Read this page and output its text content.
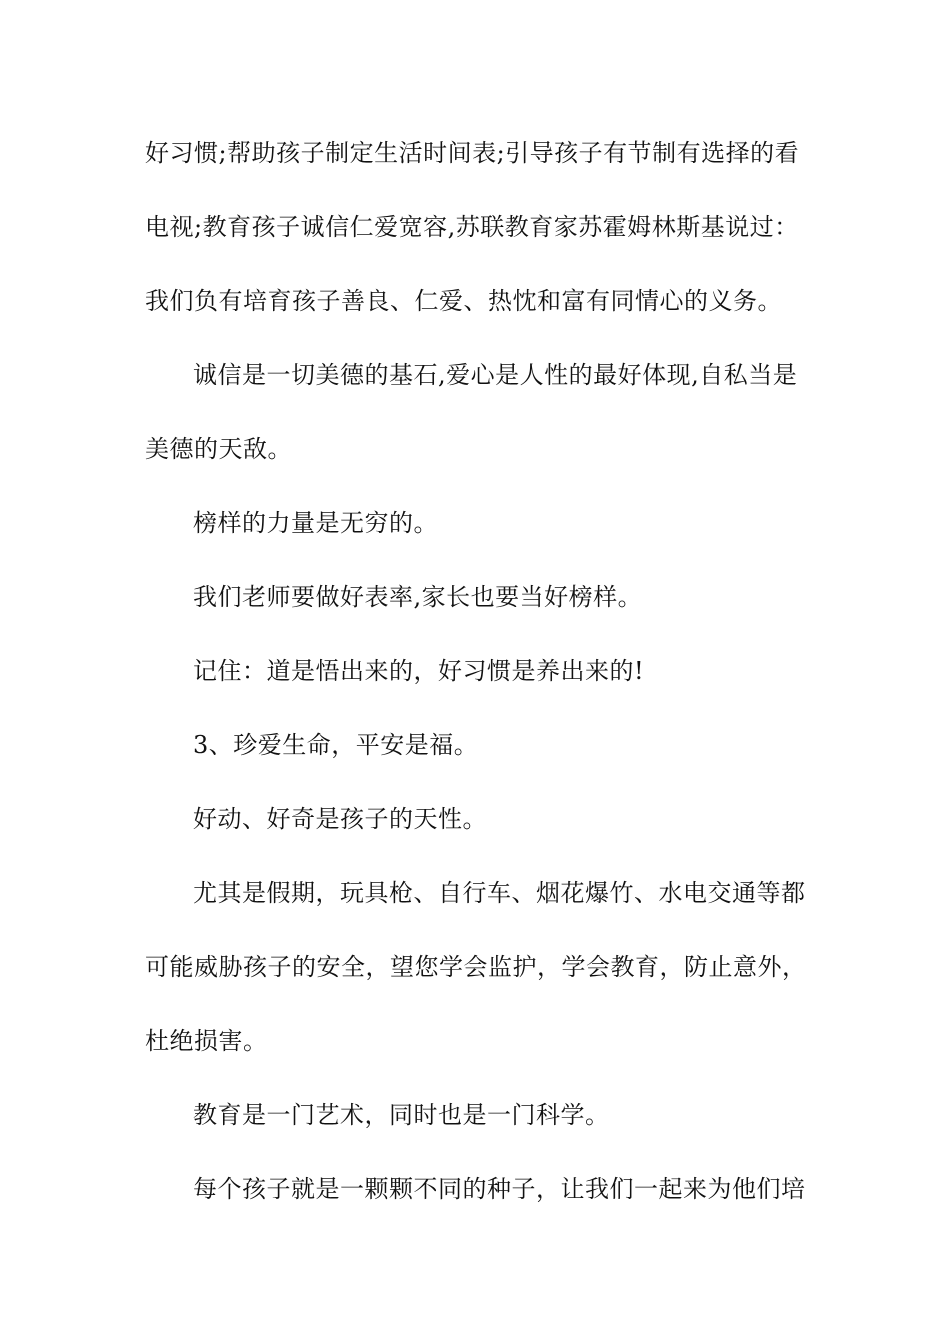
好习惯;帮助孩子制定生活时间表;引导孩子有节制有选择的看
电视;教育孩子诚信仁爱宽容,苏联教育家苏霍姆林斯基说过：
我们负有培育孩子善良、仁爱、热忱和富有同情心的义务。
诚信是一切美德的基石,爱心是人性的最好体现,自私当是
美德的天敌。
榜样的力量是无穷的。
我们老师要做好表率,家长也要当好榜样。
记住：道是悟出来的，好习惯是养出来的!
3、珍爱生命，平安是福。
好动、好奇是孩子的天性。
尤其是假期，玩具枪、自行车、烟花爆竹、水电交通等都
可能威胁孩子的安全，望您学会监护，学会教育，防止意外，
杜绝损害。
教育是一门艺术，同时也是一门科学。
每个孩子就是一颗颗不同的种子，让我们一起来为他们培
